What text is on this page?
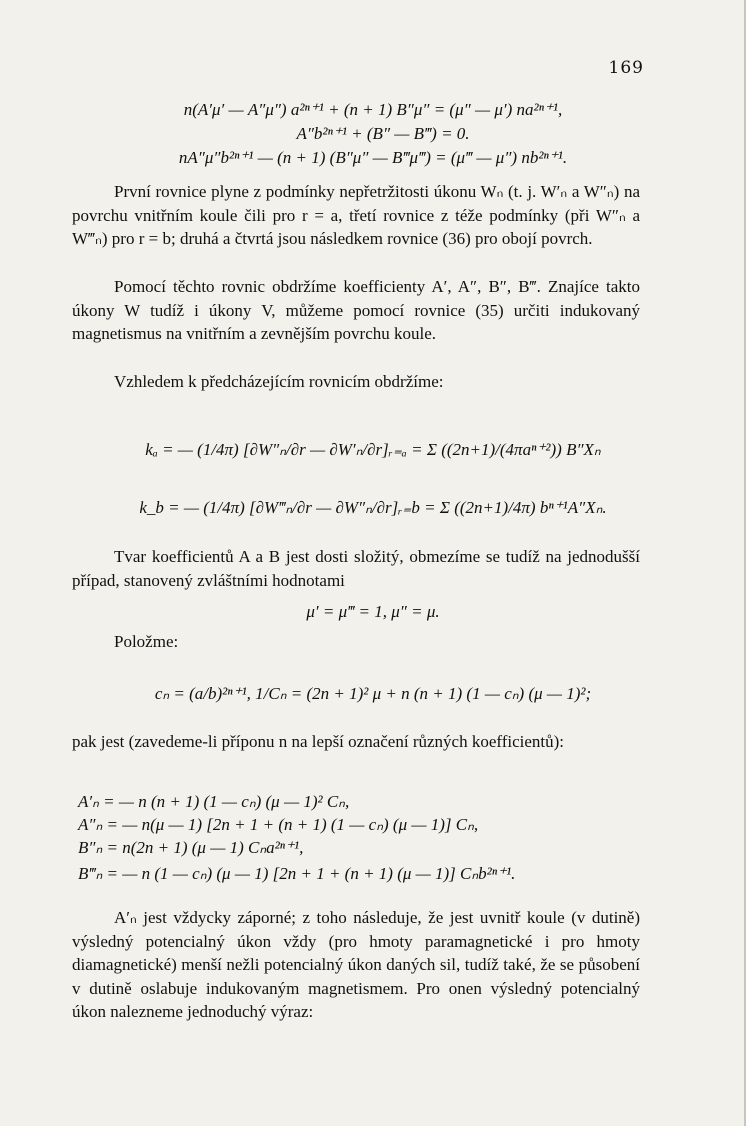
169
n(A′μ′ — A″μ″) a²ⁿ⁺¹ + (n + 1) B″μ″ = (μ″ — μ′) na²ⁿ⁺¹,
A″b²ⁿ⁺¹ + (B″ — B‴) = 0.
nA″μ″b²ⁿ⁺¹ — (n + 1) (B″μ″ — B‴μ‴) = (μ‴ — μ″) nb²ⁿ⁺¹.
První rovnice plyne z podmínky nepřetržitosti úkonu Wₙ (t. j. W′ₙ a W″ₙ) na povrchu vnitřním koule čili pro r = a, třetí rovnice z téže podmínky (při W″ₙ a W‴ₙ) pro r = b; druhá a čtvrtá jsou následkem rovnice (36) pro obojí povrch.
Pomocí těchto rovnic obdržíme koefficienty A′, A″, B″, B‴. Znajíce takto úkony W tudíž i úkony V, můžeme pomocí rovnice (35) určiti indukovaný magnetismus na vnitřním a zevnějším povrchu koule.
Vzhledem k předcházejícím rovnicím obdržíme:
kₐ = — (1/4π) [∂W″ₙ/∂r — ∂W′ₙ/∂r]ᵣ₌ₐ = Σ ((2n+1)/(4πaⁿ⁺²)) B″Xₙ
k_b = — (1/4π) [∂W‴ₙ/∂r — ∂W″ₙ/∂r]ᵣ₌b = Σ ((2n+1)/4π) bⁿ⁺¹A″Xₙ.
Tvar koefficientů A a B jest dosti složitý, obmezíme se tudíž na jednodušší případ, stanovený zvláštními hodnotami
μ′ = μ‴ = 1, μ″ = μ.
Položme:
cₙ = (a/b)²ⁿ⁺¹, 1/Cₙ = (2n + 1)² μ + n (n + 1) (1 — cₙ) (μ — 1)²;
pak jest (zavedeme-li příponu n na lepší označení různých koefficientů):
A′ₙ = — n (n + 1) (1 — cₙ) (μ — 1)² Cₙ,
A″ₙ = — n(μ — 1) [2n + 1 + (n + 1) (1 — cₙ) (μ — 1)] Cₙ,
B″ₙ = n(2n + 1) (μ — 1) Cₙa²ⁿ⁺¹,
B‴ₙ = — n (1 — cₙ) (μ — 1) [2n + 1 + (n + 1) (μ — 1)] Cₙb²ⁿ⁺¹.
A′ₙ jest vždycky záporné; z toho následuje, že jest uvnitř koule (v dutině) výsledný potencialný úkon vždy (pro hmoty paramagnetické i pro hmoty diamagnetické) menší nežli potencialný úkon daných sil, tudíž také, že se působení v dutině oslabuje indukovaným magnetismem. Pro onen výsledný potencialný úkon nalezneme jednoduchý výraz:
